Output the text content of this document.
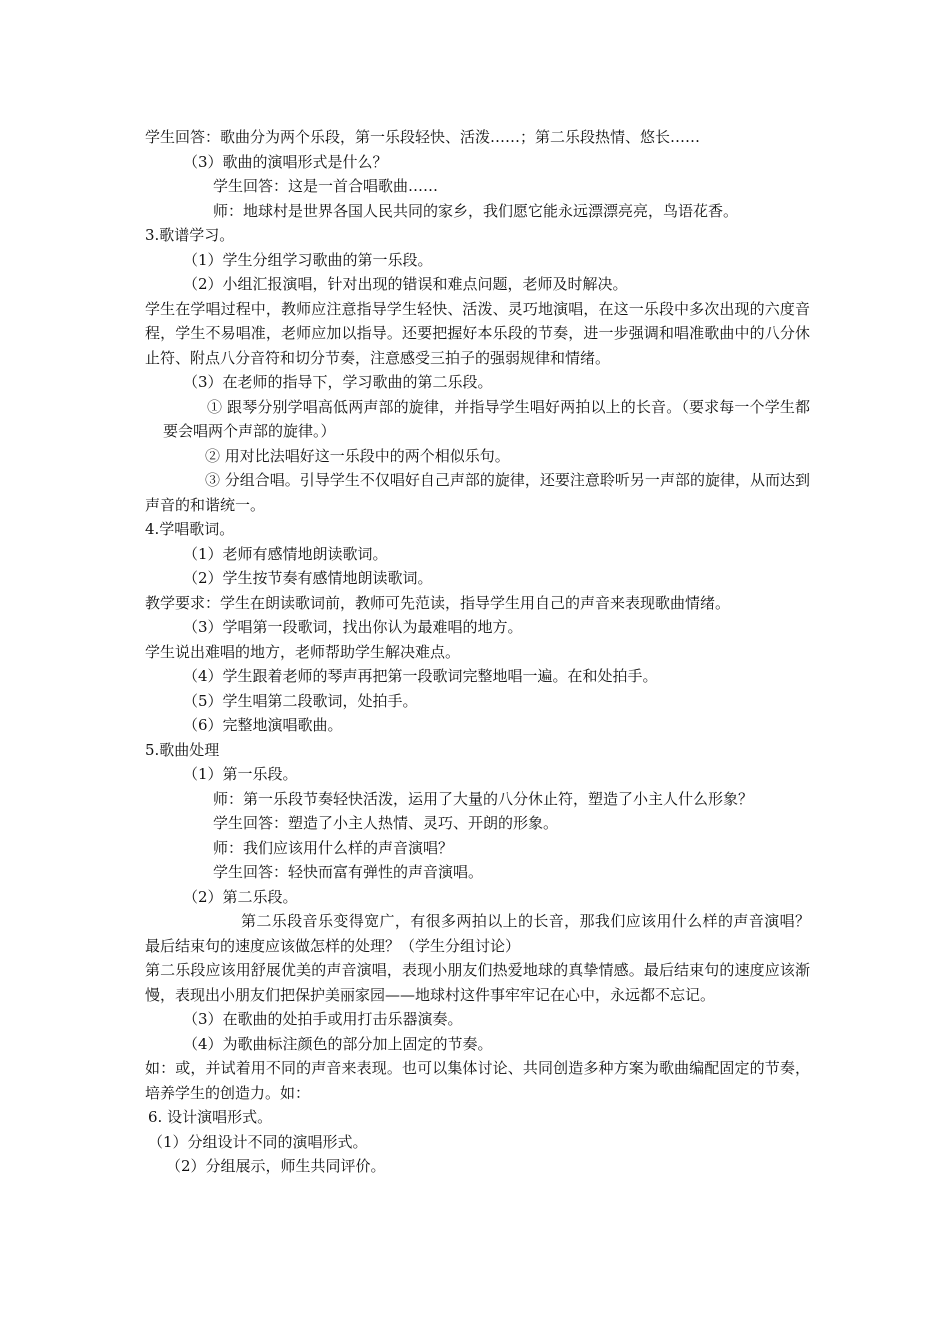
学生回答：歌曲分为两个乐段，第一乐段轻快、活泼……；第二乐段热情、悠长……
（3）歌曲的演唱形式是什么？
学生回答：这是一首合唱歌曲……
师：地球村是世界各国人民共同的家乡，我们愿它能永远漂漂亮亮，鸟语花香。
3.歌谱学习。
（1）学生分组学习歌曲的第一乐段。
（2）小组汇报演唱，针对出现的错误和难点问题，老师及时解决。
学生在学唱过程中，教师应注意指导学生轻快、活泼、灵巧地演唱，在这一乐段中多次出现的六度音程，学生不易唱准，老师应加以指导。还要把握好本乐段的节奏，进一步强调和唱准歌曲中的八分休止符、附点八分音符和切分节奏，注意感受三拍子的强弱规律和情绪。
（3）在老师的指导下，学习歌曲的第二乐段。
① 跟琴分别学唱高低两声部的旋律，并指导学生唱好两拍以上的长音。（要求每一个学生都要会唱两个声部的旋律。）
② 用对比法唱好这一乐段中的两个相似乐句。
③ 分组合唱。引导学生不仅唱好自己声部的旋律，还要注意聆听另一声部的旋律，从而达到声音的和谐统一。
4.学唱歌词。
（1）老师有感情地朗读歌词。
（2）学生按节奏有感情地朗读歌词。
教学要求：学生在朗读歌词前，教师可先范读，指导学生用自己的声音来表现歌曲情绪。
（3）学唱第一段歌词，找出你认为最难唱的地方。
学生说出难唱的地方，老师帮助学生解决难点。
（4）学生跟着老师的琴声再把第一段歌词完整地唱一遍。在和处拍手。
（5）学生唱第二段歌词，处拍手。
（6）完整地演唱歌曲。
5.歌曲处理
（1）第一乐段。
师：第一乐段节奏轻快活泼，运用了大量的八分休止符，塑造了小主人什么形象？
学生回答：塑造了小主人热情、灵巧、开朗的形象。
师：我们应该用什么样的声音演唱？
学生回答：轻快而富有弹性的声音演唱。
（2）第二乐段。
第二乐段音乐变得宽广，有很多两拍以上的长音，那我们应该用什么样的声音演唱？最后结束句的速度应该做怎样的处理？（学生分组讨论）
第二乐段应该用舒展优美的声音演唱，表现小朋友们热爱地球的真挚情感。最后结束句的速度应该渐慢，表现出小朋友们把保护美丽家园——地球村这件事牢牢记在心中，永远都不忘记。
（3）在歌曲的处拍手或用打击乐器演奏。
（4）为歌曲标注颜色的部分加上固定的节奏。
如：或，并试着用不同的声音来表现。也可以集体讨论、共同创造多种方案为歌曲编配固定的节奏，培养学生的创造力。如：
6. 设计演唱形式。
（1）分组设计不同的演唱形式。
（2）分组展示，师生共同评价。
